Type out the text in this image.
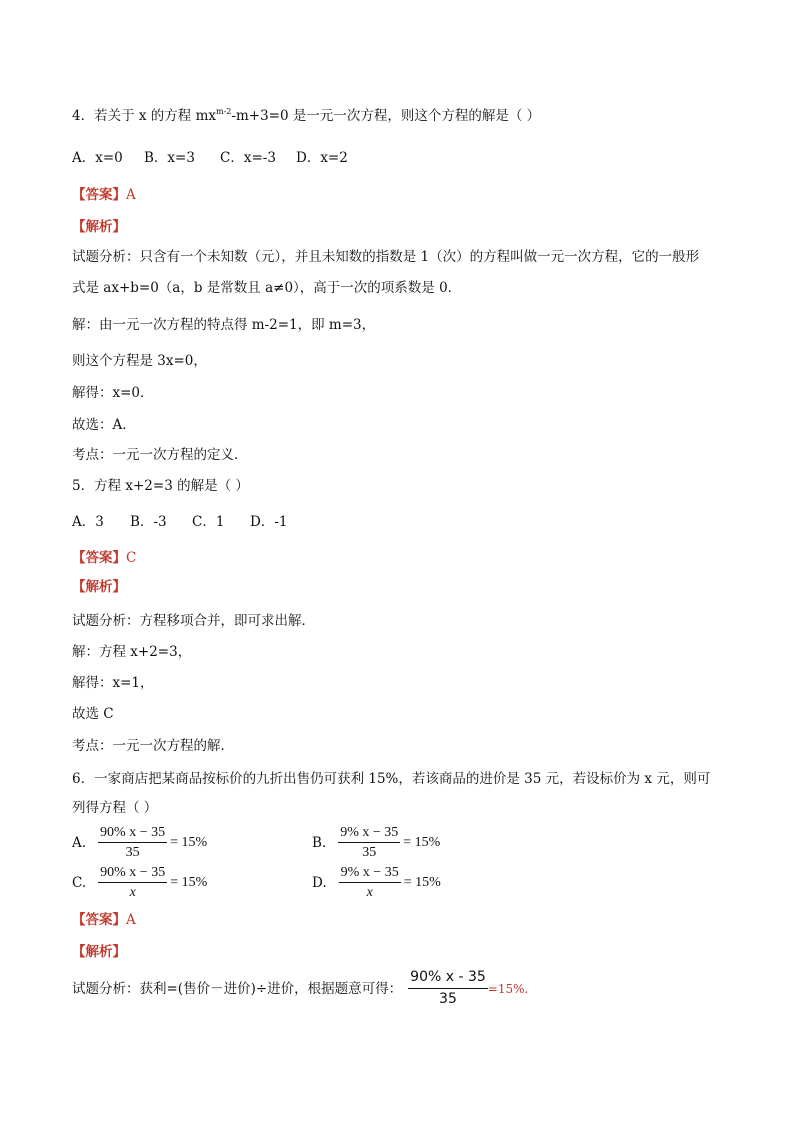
4．若关于 x 的方程 $mx^{m-2}-m+3=0$ 是一元一次方程，则这个方程的解是（ ）
A．x=0 B．x=3 C．x=-3 D．x=2
【答案】A
【解析】
试题分析：只含有一个未知数（元），并且未知数的指数是 1（次）的方程叫做一元一次方程，它的一般形
式是 ax+b=0（a，b 是常数且 a≠0），高于一次的项系数是 0．
解：由一元一次方程的特点得 m-2=1，即 m=3，
则这个方程是 3x=0，
解得：x=0．
故选：A．
考点：一元一次方程的定义．
5．方程 x+2=3 的解是（ ）
A．3 B．-3 C．1 D．-1
【答案】C
【解析】
试题分析：方程移项合并，即可求出解．
解：方程 x+2=3，
解得：x=1，
故选 C
考点：一元一次方程的解．
6．一家商店把某商品按标价的九折出售仍可获利 15%，若该商品的进价是 35 元，若设标价为 x 元，则可
列得方程（ ）
A. $\frac{90\% x - 35}{35} = 15\%$	B. $\frac{9\% x - 35}{35} = 15\%$
C. $\frac{90\% x - 35}{x} = 15\%$	D. $\frac{9\% x - 35}{x} = 15\%$
【答案】A
【解析】
试题分析：获利=(售价－进价)÷进价，根据题意可得： $\frac{90\% x - 35}{35} =15\%$.
